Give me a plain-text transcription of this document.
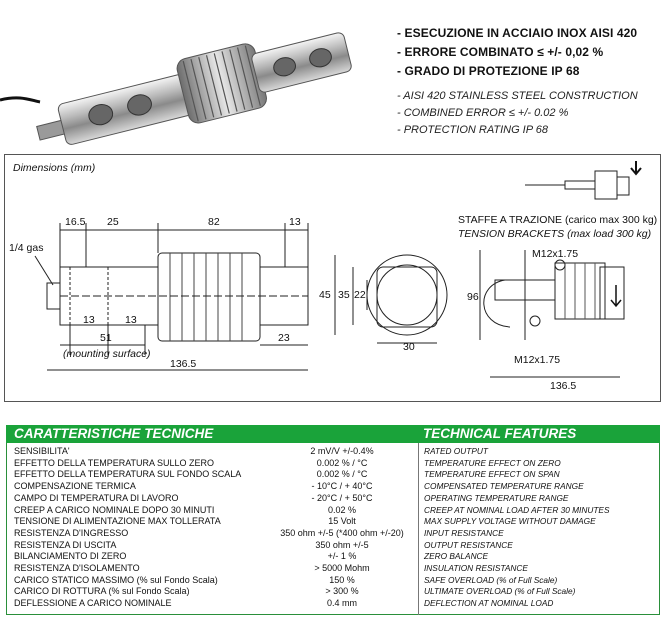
- ESECUZIONE IN ACCIAIO INOX AISI 420
- ERRORE COMBINATO ≤ +/- 0,02 %
- GRADO DI PROTEZIONE IP 68
- AISI 420 STAINLESS STEEL CONSTRUCTION
- COMBINED ERROR ≤ +/- 0.02 %
- PROTECTION RATING IP 68
Dimensions (mm)
16.5 25	82	13
1/4 gas
13	13
51	23
(mounting surface)
136.5
45 35 22
30
STAFFE A TRAZIONE (carico max 300 kg)
TENSION BRACKETS (max load 300 kg)
M12x1.75
M12x1.75
96
136.5
CARATTERISTICHE TECNICHE	TECHNICAL FEATURES
SENSIBILITA'	2 mV/V +/-0.4%	RATED OUTPUT
EFFETTO DELLA TEMPERATURA SULLO ZERO	0.002 % / °C	TEMPERATURE EFFECT ON ZERO
EFFETTO DELLA TEMPERATURA SUL FONDO SCALA	0.002 % / °C	TEMPERATURE EFFECT ON SPAN
COMPENSAZIONE TERMICA	- 10°C / + 40°C	COMPENSATED TEMPERATURE RANGE
CAMPO DI TEMPERATURA DI LAVORO	- 20°C / + 50°C	OPERATING TEMPERATURE RANGE
CREEP A CARICO NOMINALE DOPO 30 MINUTI	0.02 %	CREEP AT NOMINAL LOAD AFTER 30 MINUTES
TENSIONE DI ALIMENTAZIONE MAX TOLLERATA	15 Volt	MAX SUPPLY VOLTAGE WITHOUT DAMAGE
RESISTENZA D'INGRESSO	350 ohm +/-5 (*400 ohm +/-20)	INPUT RESISTANCE
RESISTENZA DI USCITA	350 ohm +/-5	OUTPUT RESISTANCE
BILANCIAMENTO DI ZERO	+/- 1 %	ZERO BALANCE
RESISTENZA D'ISOLAMENTO	> 5000 Mohm	INSULATION RESISTANCE
CARICO STATICO MASSIMO (% sul Fondo Scala)	150 %	SAFE OVERLOAD (% of Full Scale)
CARICO DI ROTTURA (% sul Fondo Scala)	> 300 %	ULTIMATE OVERLOAD (% of Full Scale)
DEFLESSIONE A CARICO NOMINALE	0.4 mm	DEFLECTION AT NOMINAL LOAD
